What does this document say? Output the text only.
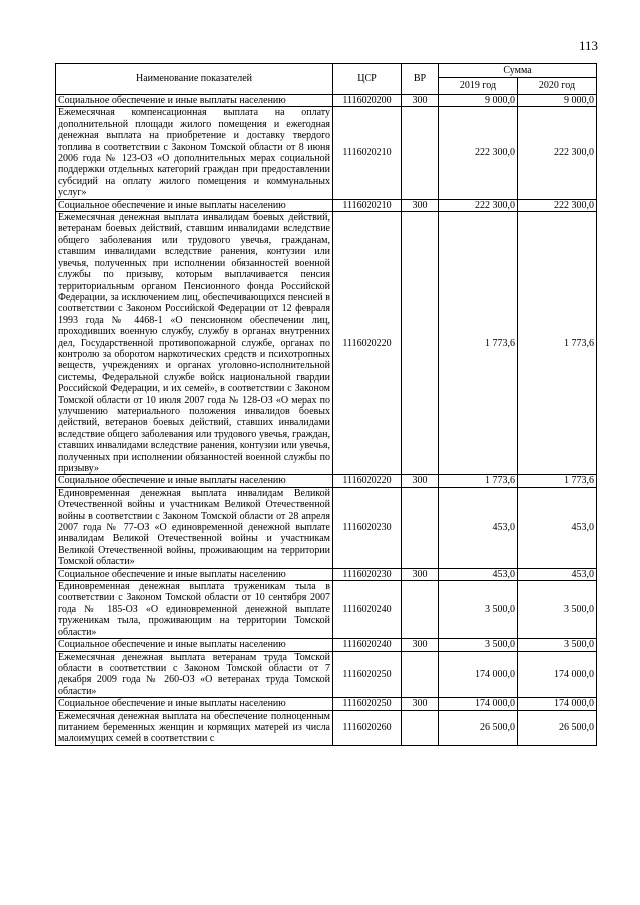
113
Наименование показателей	ЦСР	ВР	Сумма	
			2019 год	2020 год
Социальное обеспечение и иные выплаты населению	1116020200	300	9 000,0	9 000,0
Ежемесячная компенсационная выплата на оплату дополнительной площади жилого помещения и ежегодная денежная выплата на приобретение и доставку твердого топлива в соответствии с Законом Томской области от 8 июня 2006 года № 123-ОЗ «О дополнительных мерах социальной поддержки отдельных категорий граждан при предоставлении субсидий на оплату жилого помещения и коммунальных услуг»	1116020210		222 300,0	222 300,0
Социальное обеспечение и иные выплаты населению	1116020210	300	222 300,0	222 300,0
Ежемесячная денежная выплата инвалидам боевых действий, ветеранам боевых действий, ставшим инвалидами вследствие общего заболевания или трудового увечья, гражданам, ставшим инвалидами вследствие ранения, контузии или увечья, полученных при исполнении обязанностей военной службы по призыву, которым выплачивается пенсия территориальным органом Пенсионного фонда Российской Федерации, за исключением лиц, обеспечивающихся пенсией в соответствии с Законом Российской Федерации от 12 февраля 1993 года № 4468-1 «О пенсионном обеспечении лиц, проходивших военную службу, службу в органах внутренних дел, Государственной противопожарной службе, органах по контролю за оборотом наркотических средств и психотропных веществ, учреждениях и органах уголовно-исполнительной системы, Федеральной службе войск национальной гвардии Российской Федерации, и их семей», в соответствии с Законом Томской области от 10 июля 2007 года № 128-ОЗ «О мерах по улучшению материального положения инвалидов боевых действий, ветеранов боевых действий, ставших инвалидами вследствие общего заболевания или трудового увечья, граждан, ставших инвалидами вследствие ранения, контузии или увечья, полученных при исполнении обязанностей военной службы по призыву»	1116020220		1 773,6	1 773,6
Социальное обеспечение и иные выплаты населению	1116020220	300	1 773,6	1 773,6
Единовременная денежная выплата инвалидам Великой Отечественной войны и участникам Великой Отечественной войны в соответствии с Законом Томской области от 28 апреля 2007 года № 77-ОЗ «О единовременной денежной выплате инвалидам Великой Отечественной войны и участникам Великой Отечественной войны, проживающим на территории Томской области»	1116020230		453,0	453,0
Социальное обеспечение и иные выплаты населению	1116020230	300	453,0	453,0
Единовременная денежная выплата труженикам тыла в соответствии с Законом Томской области от 10 сентября 2007 года № 185-ОЗ «О единовременной денежной выплате труженикам тыла, проживающим на территории Томской области»	1116020240		3 500,0	3 500,0
Социальное обеспечение и иные выплаты населению	1116020240	300	3 500,0	3 500,0
Ежемесячная денежная выплата ветеранам труда Томской области в соответствии с Законом Томской области от 7 декабря 2009 года № 260-ОЗ «О ветеранах труда Томской области»	1116020250		174 000,0	174 000,0
Социальное обеспечение и иные выплаты населению	1116020250	300	174 000,0	174 000,0
Ежемесячная денежная выплата на обеспечение полноценным питанием беременных женщин и кормящих матерей из числа малоимущих семей в соответствии с	1116020260		26 500,0	26 500,0
